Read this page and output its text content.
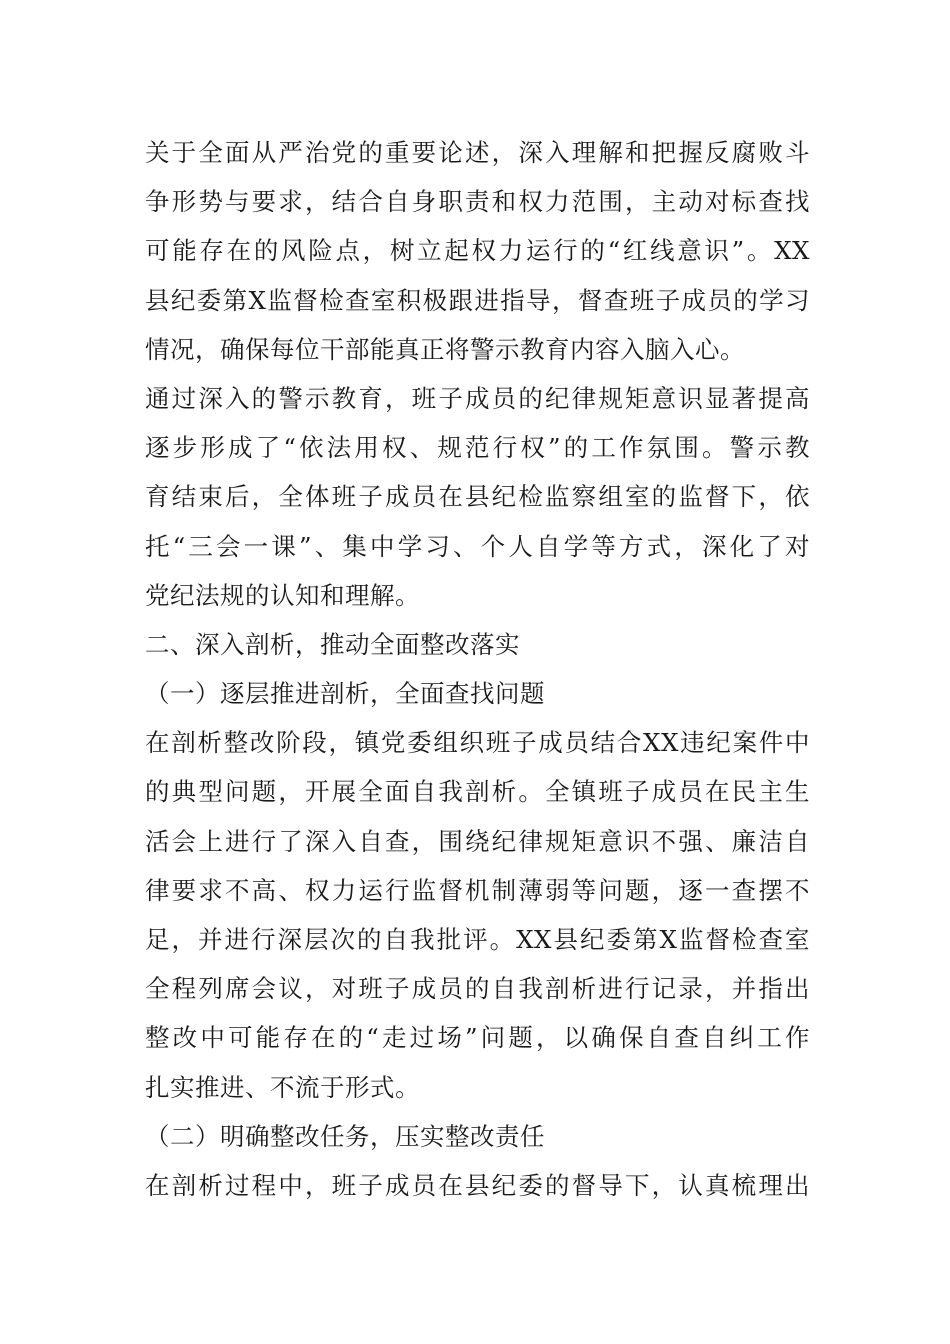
关于全面从严治党的重要论述，深入理解和把握反腐败斗
争形势与要求，结合自身职责和权力范围，主动对标查找
可能存在的风险点，树立起权力运行的“红线意识”。XX
县纪委第X监督检查室积极跟进指导，督查班子成员的学习
情况，确保每位干部能真正将警示教育内容入脑入心。
通过深入的警示教育，班子成员的纪律规矩意识显著提高
逐步形成了“依法用权、规范行权”的工作氛围。警示教
育结束后，全体班子成员在县纪检监察组室的监督下，依
托“三会一课”、集中学习、个人自学等方式，深化了对
党纪法规的认知和理解。
二、深入剖析，推动全面整改落实
（一）逐层推进剖析，全面查找问题
在剖析整改阶段，镇党委组织班子成员结合XX违纪案件中
的典型问题，开展全面自我剖析。全镇班子成员在民主生
活会上进行了深入自查，围绕纪律规矩意识不强、廉洁自
律要求不高、权力运行监督机制薄弱等问题，逐一查摆不
足，并进行深层次的自我批评。XX县纪委第X监督检查室
全程列席会议，对班子成员的自我剖析进行记录，并指出
整改中可能存在的“走过场”问题，以确保自查自纠工作
扎实推进、不流于形式。
（二）明确整改任务，压实整改责任
在剖析过程中，班子成员在县纪委的督导下，认真梳理出
